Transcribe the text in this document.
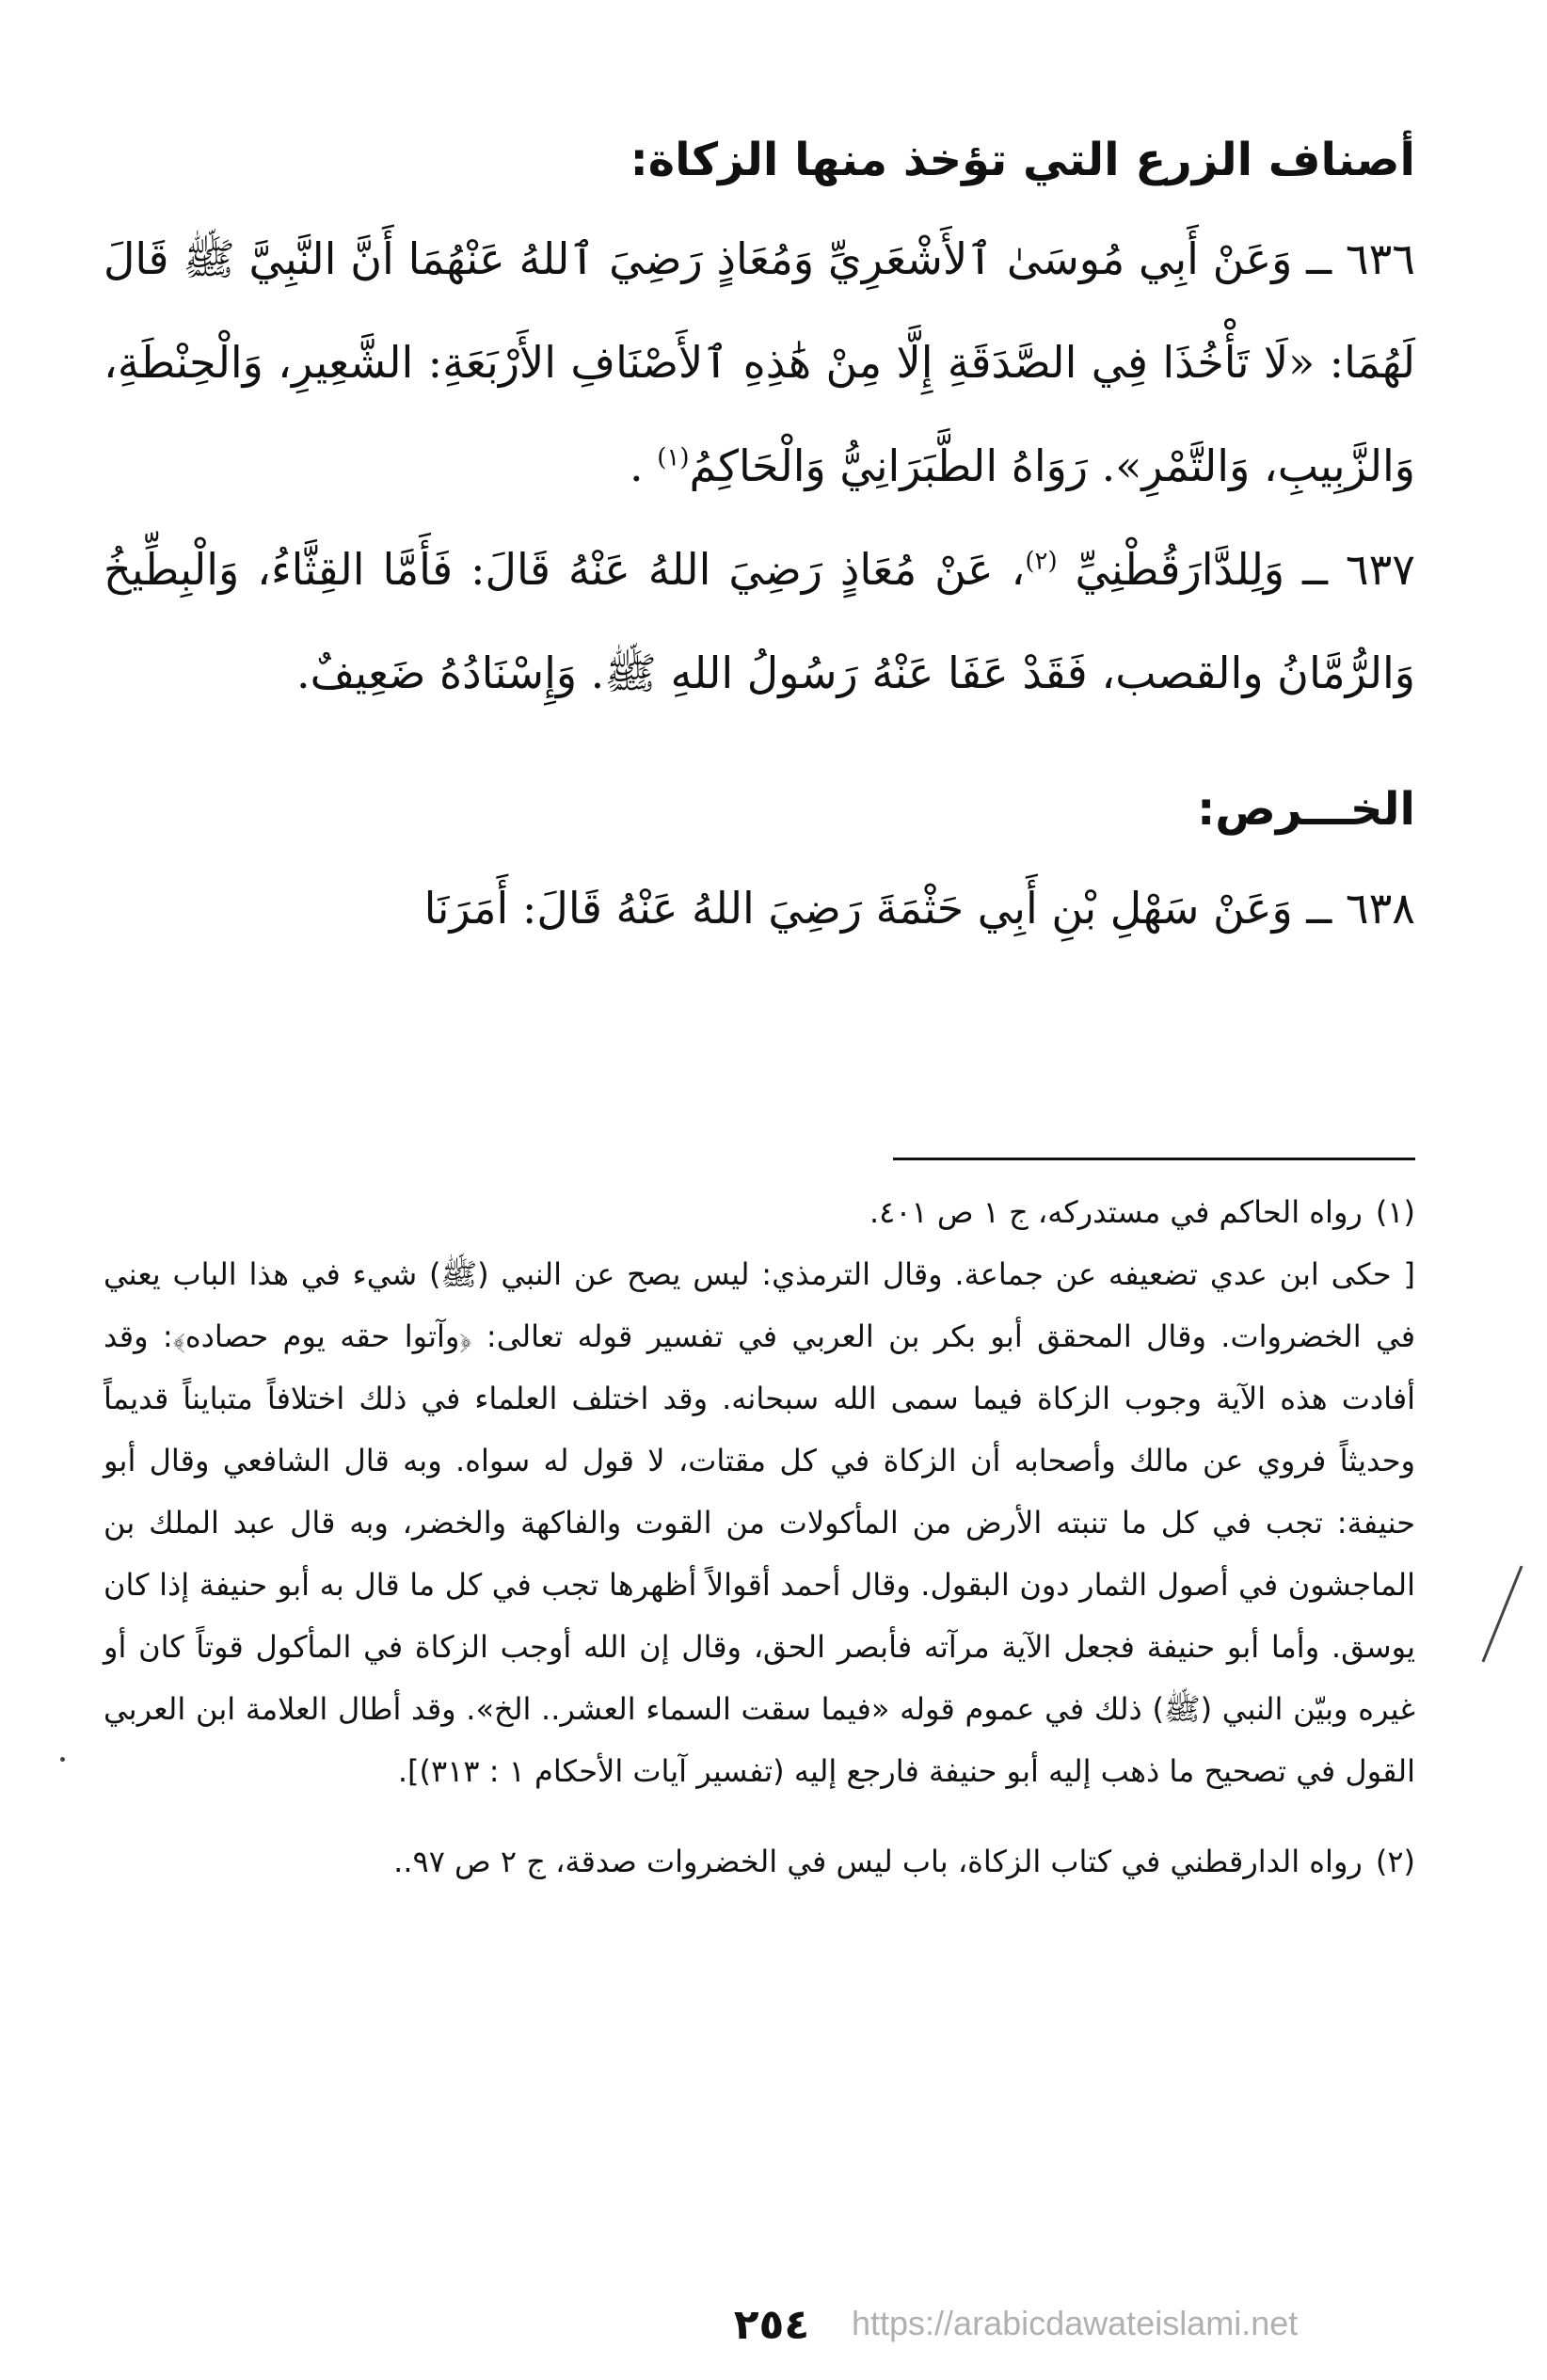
أصناف الزرع التي تؤخذ منها الزكاة:

٦٣٦ ــ وَعَنْ أَبِي مُوسَىٰ ٱلأَشْعَرِيِّ وَمُعَاذٍ رَضِيَ ٱللهُ عَنْهُمَا أَنَّ النَّبِيَّ ﷺ قَالَ لَهُمَا: «لَا تَأْخُذَا فِي الصَّدَقَةِ إِلَّا مِنْ هَٰذِهِ ٱلأَصْنَافِ الأَرْبَعَةِ: الشَّعِيرِ، وَالْحِنْطَةِ، وَالزَّبِيبِ، وَالتَّمْرِ». رَوَاهُ الطَّبَرَانِيُّ وَالْحَاكِمُ$^{(١)}$ .

٦٣٧ ــ وَلِلدَّارَقُطْنِيِّ $^{(٢)}$، عَنْ مُعَاذٍ رَضِيَ اللهُ عَنْهُ قَالَ: فَأَمَّا القِثَّاءُ، وَالْبِطِّيخُ وَالرُّمَّانُ والقصب، فَقَدْ عَفَا عَنْهُ رَسُولُ اللهِ ﷺ. وَإِسْنَادُهُ ضَعِيفٌ.

الخـــرص:

٦٣٨ ــ وَعَنْ سَهْلِ بْنِ أَبِي حَثْمَةَ رَضِيَ اللهُ عَنْهُ قَالَ: أَمَرَنَا

(١)رواه الحاكم في مستدركه، ج ١ ص ٤٠١.

[ حكى ابن عدي تضعيفه عن جماعة. وقال الترمذي: ليس يصح عن النبي (ﷺ) شيء في هذا الباب يعني في الخضروات. وقال المحقق أبو بكر بن العربي في تفسير قوله تعالى: ﴿وآتوا حقه يوم حصاده﴾: وقد أفادت هذه الآية وجوب الزكاة فيما سمى الله سبحانه. وقد اختلف العلماء في ذلك اختلافاً متبايناً قديماً وحديثاً فروي عن مالك وأصحابه أن الزكاة في كل مقتات، لا قول له سواه. وبه قال الشافعي وقال أبو حنيفة: تجب في كل ما تنبته الأرض من المأكولات من القوت والفاكهة والخضر، وبه قال عبد الملك بن الماجشون في أصول الثمار دون البقول. وقال أحمد أقوالاً أظهرها تجب في كل ما قال به أبو حنيفة إذا كان يوسق. وأما أبو حنيفة فجعل الآية مرآته فأبصر الحق، وقال إن الله أوجب الزكاة في المأكول قوتاً كان أو غيره وبيّن النبي (ﷺ) ذلك في عموم قوله «فيما سقت السماء العشر.. الخ». وقد أطال العلامة ابن العربي القول في تصحيح ما ذهب إليه أبو حنيفة فارجع إليه (تفسير آيات الأحكام ١ : ٣١٣)].

(٢)رواه الدارقطني في كتاب الزكاة، باب ليس في الخضروات صدقة، ج ٢ ص ٩٧..

٢٥٤	https://arabicdawateislami.net
